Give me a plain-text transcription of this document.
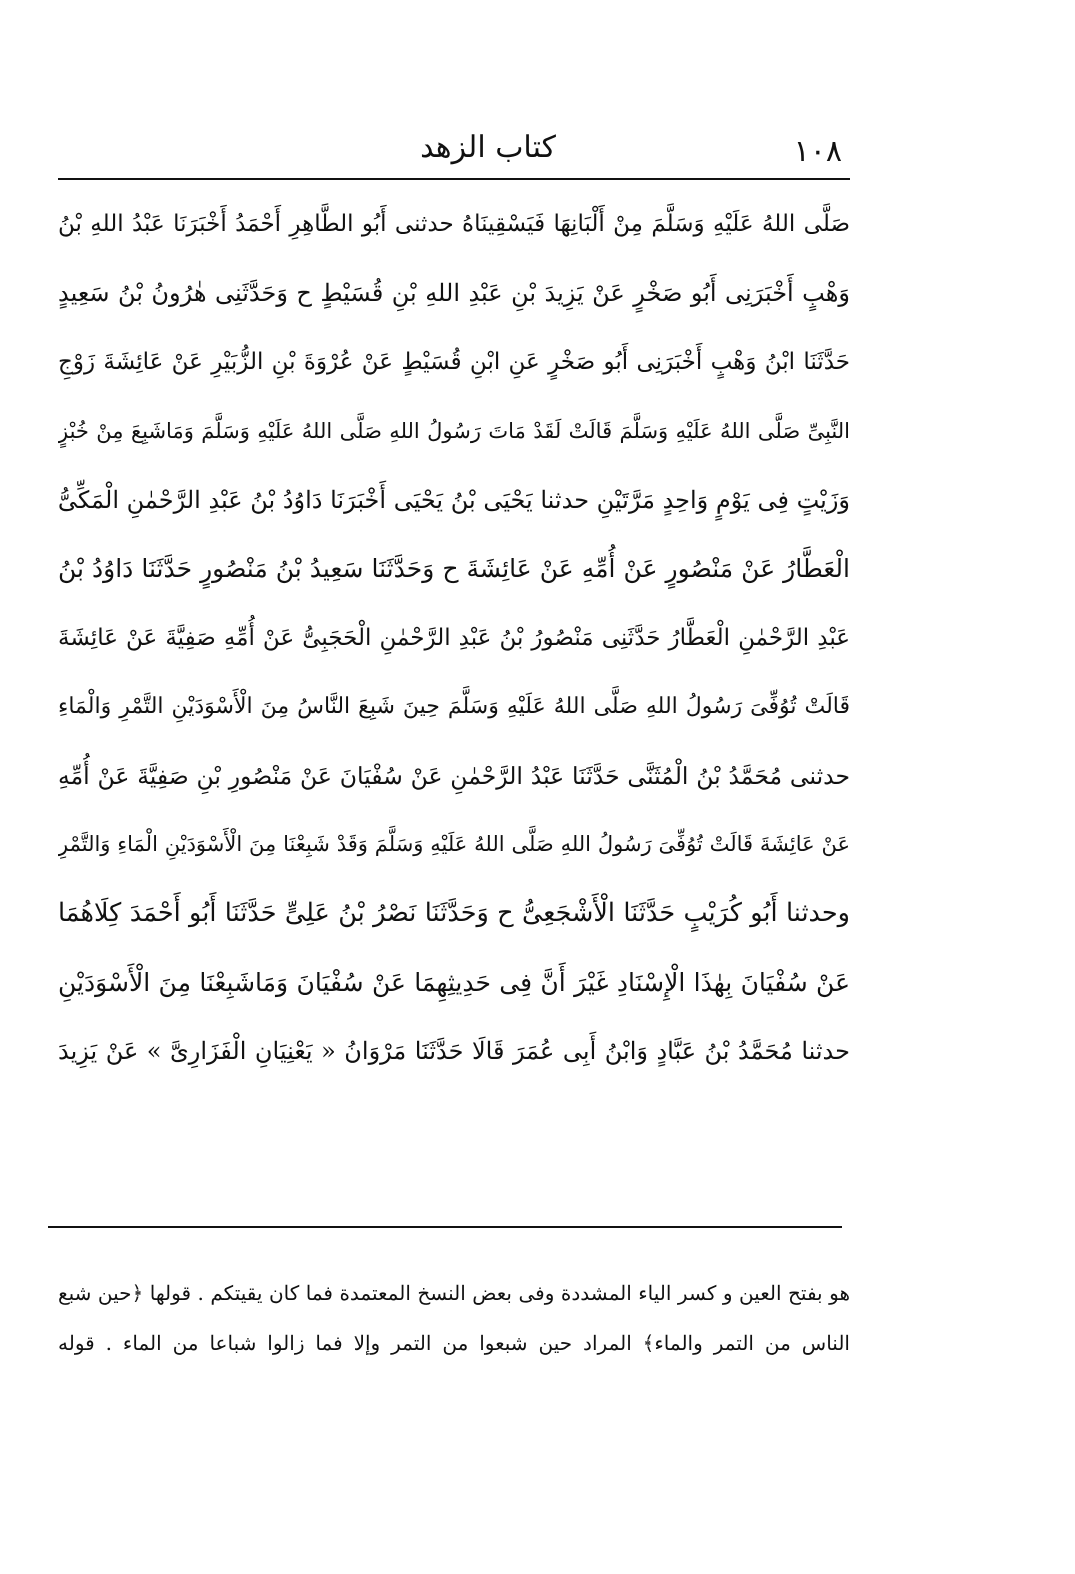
كتاب الزهد	١٠٨
صَلَّى اللهُ عَلَيْهِ وَسَلَّمَ مِنْ أَلْبَانِهَا فَيَسْقِينَاهُ حدثنى أَبُو الطَّاهِرِ أَحْمَدُ أَخْبَرَنَا عَبْدُ اللهِ بْنُ
وَهْبٍ أَخْبَرَنِى أَبُو صَخْرٍ عَنْ يَزِيدَ بْنِ عَبْدِ اللهِ بْنِ قُسَيْطٍ ح وَحَدَّثَنِى هٰرُونُ بْنُ سَعِيدٍ
حَدَّثَنَا ابْنُ وَهْبٍ أَخْبَرَنِى أَبُو صَخْرٍ عَنِ ابْنِ قُسَيْطٍ عَنْ عُرْوَةَ بْنِ الزُّبَيْرِ عَنْ عَائِشَةَ زَوْجِ
النَّبِىِّ صَلَّى اللهُ عَلَيْهِ وَسَلَّمَ قَالَتْ لَقَدْ مَاتَ رَسُولُ اللهِ صَلَّى اللهُ عَلَيْهِ وَسَلَّمَ وَمَاشَبِعَ مِنْ خُبْزٍ
وَزَيْتٍ فِى يَوْمٍ وَاحِدٍ مَرَّتَيْنِ حدثنا يَحْيَى بْنُ يَحْيَى أَخْبَرَنَا دَاوُدُ بْنُ عَبْدِ الرَّحْمٰنِ الْمَكِّىُّ
الْعَطَّارُ عَنْ مَنْصُورٍ عَنْ أُمِّهِ عَنْ عَائِشَةَ ح وَحَدَّثَنَا سَعِيدُ بْنُ مَنْصُورٍ حَدَّثَنَا دَاوُدُ بْنُ
عَبْدِ الرَّحْمٰنِ الْعَطَّارُ حَدَّثَنِى مَنْصُورُ بْنُ عَبْدِ الرَّحْمٰنِ الْحَجَبِىُّ عَنْ أُمِّهِ صَفِيَّةَ عَنْ عَائِشَةَ
قَالَتْ تُوُفِّىَ رَسُولُ اللهِ صَلَّى اللهُ عَلَيْهِ وَسَلَّمَ حِينَ شَبِعَ النَّاسُ مِنَ الْأَسْوَدَيْنِ التَّمْرِ وَالْمَاءِ
حدثنى مُحَمَّدُ بْنُ الْمُثَنَّى حَدَّثَنَا عَبْدُ الرَّحْمٰنِ عَنْ سُفْيَانَ عَنْ مَنْصُورِ بْنِ صَفِيَّةَ عَنْ أُمِّهِ
عَنْ عَائِشَةَ قَالَتْ تُوُفِّىَ رَسُولُ اللهِ صَلَّى اللهُ عَلَيْهِ وَسَلَّمَ وَقَدْ شَبِعْنَا مِنَ الْأَسْوَدَيْنِ الْمَاءِ وَالتَّمْرِ
وحدثنا أَبُو كُرَيْبٍ حَدَّثَنَا الْأَشْجَعِىُّ ح وَحَدَّثَنَا نَصْرُ بْنُ عَلِىٍّ حَدَّثَنَا أَبُو أَحْمَدَ كِلَاهُمَا
عَنْ سُفْيَانَ بِهٰذَا الْإِسْنَادِ غَيْرَ أَنَّ فِى حَدِيثِهِمَا عَنْ سُفْيَانَ وَمَاشَبِعْنَا مِنَ الْأَسْوَدَيْنِ
حدثنا مُحَمَّدُ بْنُ عَبَّادٍ وَابْنُ أَبِى عُمَرَ قَالَا حَدَّثَنَا مَرْوَانُ « يَعْنِيَانِ الْفَزَارِىَّ » عَنْ يَزِيدَ
هو بفتح العين و كسر الياء المشددة وفى بعض النسخ المعتمدة فما كان يقيتكم . قولها ﴿حين شبع
الناس من التمر والماء﴾ المراد حين شبعوا من التمر وإلا فما زالوا شباعا من الماء . قوله
